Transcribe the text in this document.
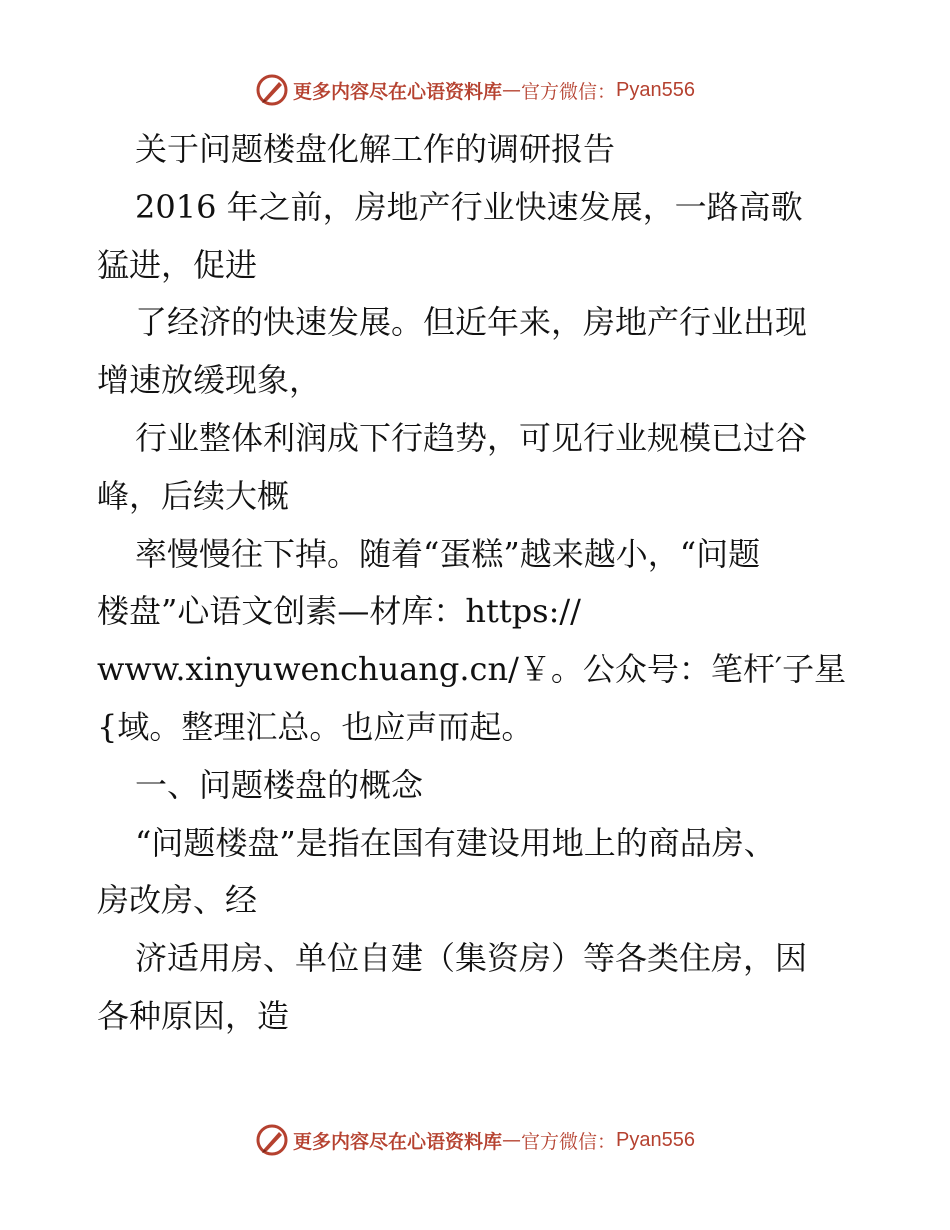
更多内容尽在心语资料库 — 官方微信： Pyan556
关于问题楼盘化解工作的调研报告
2016 年之前，房地产行业快速发展，一路高歌
猛进，促进
了经济的快速发展。但近年来，房地产行业出现
增速放缓现象，
行业整体利润成下行趋势，可见行业规模已过谷
峰，后续大概
率慢慢往下掉。随着“蛋糕”越来越小，“问题
楼盘”心语文创素—材库：https://
www.xinyuwenchuang.cn/￥。公众号：笔杆′子星
{域。整理汇总。也应声而起。
一、问题楼盘的概念
“问题楼盘”是指在国有建设用地上的商品房、
房改房、经
济适用房、单位自建（集资房）等各类住房，因
各种原因，造
更多内容尽在心语资料库 — 官方微信： Pyan556
